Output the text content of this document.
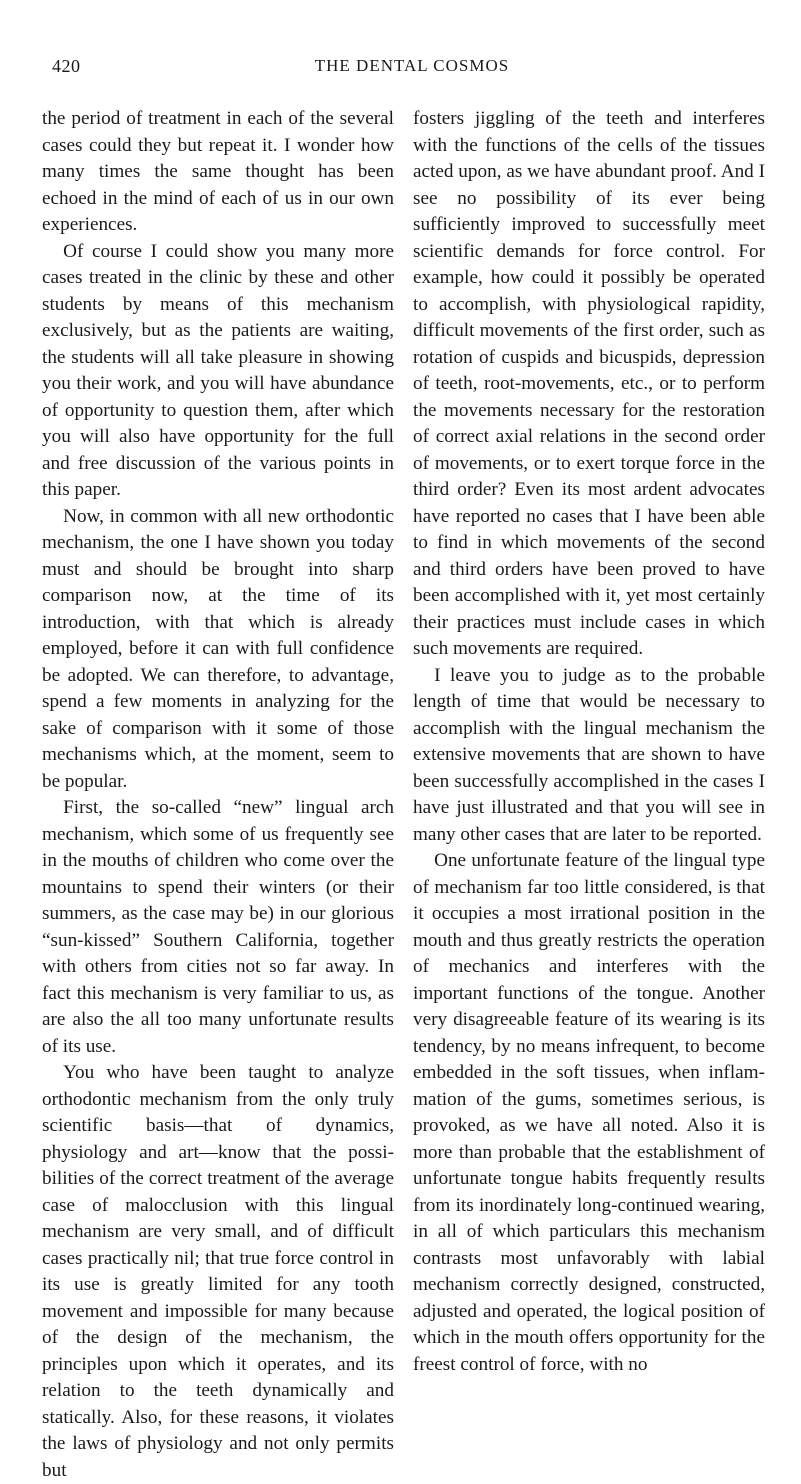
420	THE DENTAL COSMOS

the period of treatment in each of the several cases could they but repeat it. I wonder how many times the same thought has been echoed in the mind of each of us in our own experiences.

Of course I could show you many more cases treated in the clinic by these and other students by means of this mechanism exclusively, but as the patients are waiting, the students will all take pleasure in showing you their work, and you will have abundance of opportunity to question them, after which you will also have opportunity for the full and free discussion of the various points in this paper.

Now, in common with all new orthodontic mechanism, the one I have shown you today must and should be brought into sharp comparison now, at the time of its introduction, with that which is already employed, before it can with full confidence be adopted. We can therefore, to advantage, spend a few moments in analyzing for the sake of comparison with it some of those mechanisms which, at the moment, seem to be popular.

First, the so-called “new” lingual arch mechanism, which some of us frequently see in the mouths of children who come over the mountains to spend their winters (or their summers, as the case may be) in our glorious “sun-kissed” Southern California, together with others from cities not so far away. In fact this mechanism is very familiar to us, as are also the all too many unfortunate results of its use.

You who have been taught to analyze orthodontic mechanism from the only truly scientific basis—that of dynamics, physiology and art—know that the possibilities of the correct treatment of the average case of malocclusion with this lingual mechanism are very small, and of difficult cases practically nil; that true force control in its use is greatly limited for any tooth movement and impossible for many because of the design of the mechanism, the principles upon which it operates, and its relation to the teeth dynamically and statically. Also, for these reasons, it violates the laws of physiology and not only permits but

fosters jiggling of the teeth and interferes with the functions of the cells of the tissues acted upon, as we have abundant proof. And I see no possibility of its ever being sufficiently improved to successfully meet scientific demands for force control. For example, how could it possibly be operated to accomplish, with physiological rapidity, difficult movements of the first order, such as rotation of cuspids and bicuspids, depression of teeth, root-movements, etc., or to perform the movements necessary for the restoration of correct axial relations in the second order of movements, or to exert torque force in the third order? Even its most ardent advocates have reported no cases that I have been able to find in which movements of the second and third orders have been proved to have been accomplished with it, yet most certainly their practices must include cases in which such movements are required.

I leave you to judge as to the probable length of time that would be necessary to accomplish with the lingual mechanism the extensive movements that are shown to have been successfully accomplished in the cases I have just illustrated and that you will see in many other cases that are later to be reported.

One unfortunate feature of the lingual type of mechanism far too little considered, is that it occupies a most irrational position in the mouth and thus greatly restricts the operation of mechanics and interferes with the important functions of the tongue. Another very disagreeable feature of its wearing is its tendency, by no means infrequent, to become embedded in the soft tissues, when inflammation of the gums, sometimes serious, is provoked, as we have all noted. Also it is more than probable that the establishment of unfortunate tongue habits frequently results from its inordinately long-continued wearing, in all of which particulars this mechanism contrasts most unfavorably with labial mechanism correctly designed, constructed, adjusted and operated, the logical position of which in the mouth offers opportunity for the freest control of force, with no
